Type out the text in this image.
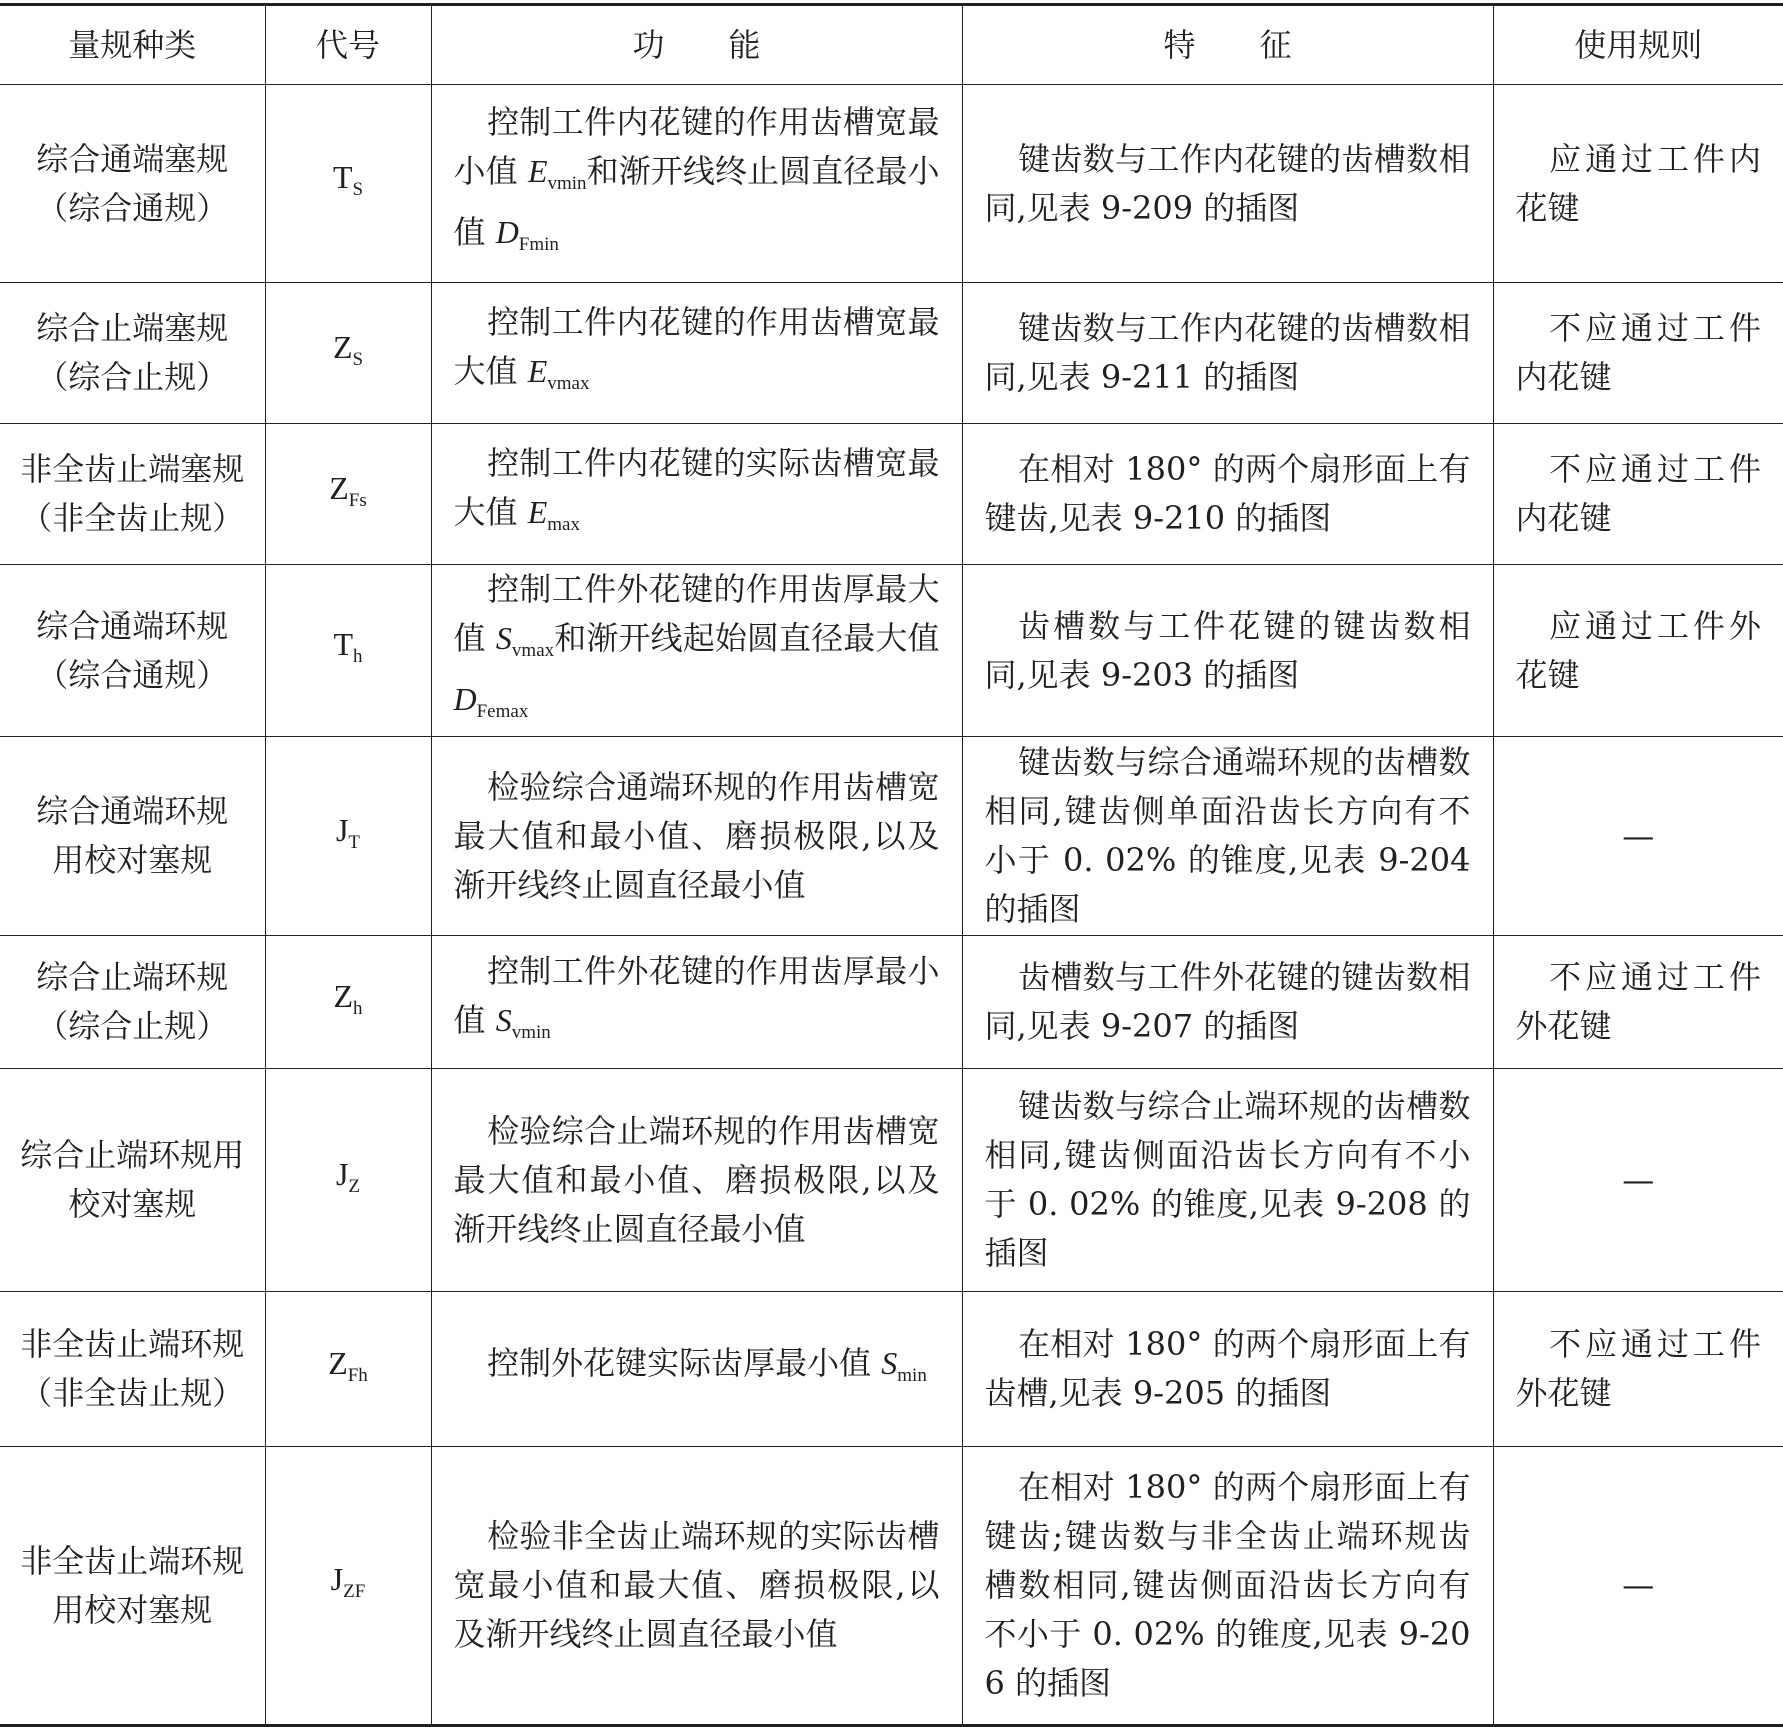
量规种类	代号	功　　能	特　　征	使用规则

综合通端塞规
（综合通规）	$T_S$	控制工件内花键的作用齿槽宽最小值 $E_{vmin}$和渐开线终止圆直径最小值 $D_{Fmin}$	键齿数与工作内花键的齿槽数相同,见表 9-209 的插图	应通过工件内花键

综合止端塞规
（综合止规）	$Z_S$	控制工件内花键的作用齿槽宽最大值 $E_{vmax}$	键齿数与工作内花键的齿槽数相同,见表 9-211 的插图	不应通过工件内花键

非全齿止端塞规
（非全齿止规）	$Z_{Fs}$	控制工件内花键的实际齿槽宽最大值 $E_{max}$	在相对 180° 的两个扇形面上有键齿,见表 9-210 的插图	不应通过工件内花键

综合通端环规
（综合通规）	$T_h$	控制工件外花键的作用齿厚最大值 $S_{vmax}$和渐开线起始圆直径最大值 $D_{Femax}$	齿槽数与工件花键的键齿数相同,见表 9-203 的插图	应通过工件外花键

综合通端环规
用校对塞规	$J_T$	检验综合通端环规的作用齿槽宽最大值和最小值、磨损极限,以及渐开线终止圆直径最小值	键齿数与综合通端环规的齿槽数相同,键齿侧单面沿齿长方向有不小于 0. 02% 的锥度,见表 9-204 的插图	—

综合止端环规
（综合止规）	$Z_h$	控制工件外花键的作用齿厚最小值 $S_{vmin}$	齿槽数与工件外花键的键齿数相同,见表 9-207 的插图	不应通过工件外花键

综合止端环规用
校对塞规	$J_Z$	检验综合止端环规的作用齿槽宽最大值和最小值、磨损极限,以及渐开线终止圆直径最小值	键齿数与综合止端环规的齿槽数相同,键齿侧面沿齿长方向有不小于 0. 02% 的锥度,见表 9-208 的插图	—

非全齿止端环规
（非全齿止规）	$Z_{Fh}$	控制外花键实际齿厚最小值 $S_{min}$	在相对 180° 的两个扇形面上有齿槽,见表 9-205 的插图	不应通过工件外花键

非全齿止端环规
用校对塞规	$J_{ZF}$	检验非全齿止端环规的实际齿槽宽最小值和最大值、磨损极限,以及渐开线终止圆直径最小值	在相对 180° 的两个扇形面上有键齿;键齿数与非全齿止端环规齿槽数相同,键齿侧面沿齿长方向有不小于 0. 02% 的锥度,见表 9-206 的插图	—
